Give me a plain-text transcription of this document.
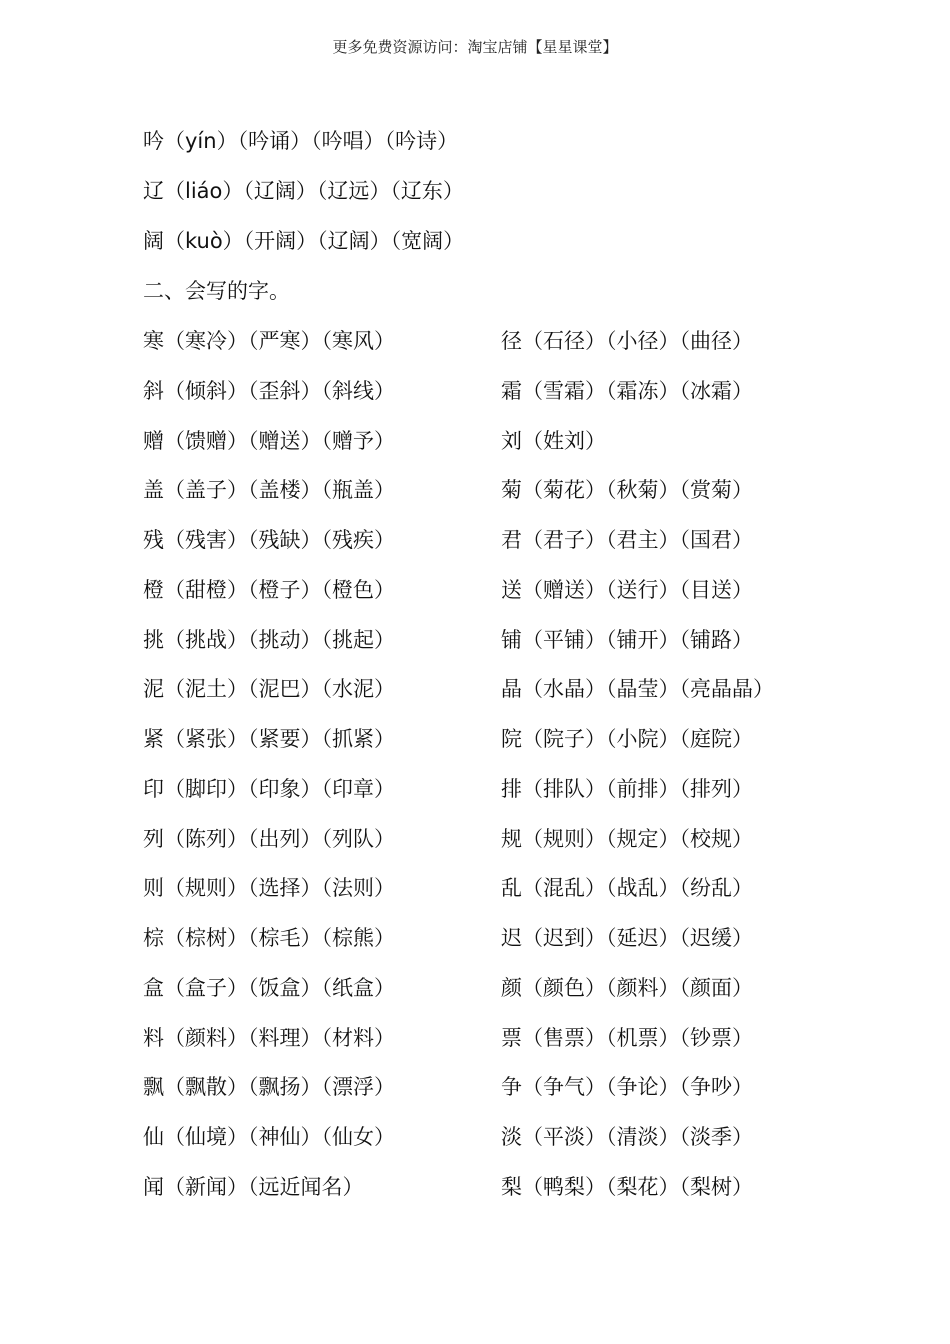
更多免费资源访问：淘宝店铺【星星课堂】
吟（yín）（吟诵）（吟唱）（吟诗）
辽（liáo）（辽阔）（辽远）（辽东）
阔（kuò）（开阔）（辽阔）（宽阔）
二、会写的字。
寒（寒冷）（严寒）（寒风）	径（石径）（小径）（曲径）
斜（倾斜）（歪斜）（斜线）	霜（雪霜）（霜冻）（冰霜）
赠（馈赠）（赠送）（赠予）	刘（姓刘）
盖（盖子）（盖楼）（瓶盖）	菊（菊花）（秋菊）（赏菊）
残（残害）（残缺）（残疾）	君（君子）（君主）（国君）
橙（甜橙）（橙子）（橙色）	送（赠送）（送行）（目送）
挑（挑战）（挑动）（挑起）	铺（平铺）（铺开）（铺路）
泥（泥土）（泥巴）（水泥）	晶（水晶）（晶莹）（亮晶晶）
紧（紧张）（紧要）（抓紧）	院（院子）（小院）（庭院）
印（脚印）（印象）（印章）	排（排队）（前排）（排列）
列（陈列）（出列）（列队）	规（规则）（规定）（校规）
则（规则）（选择）（法则）	乱（混乱）（战乱）（纷乱）
棕（棕树）（棕毛）（棕熊）	迟（迟到）（延迟）（迟缓）
盒（盒子）（饭盒）（纸盒）	颜（颜色）（颜料）（颜面）
料（颜料）（料理）（材料）	票（售票）（机票）（钞票）
飘（飘散）（飘扬）（漂浮）	争（争气）（争论）（争吵）
仙（仙境）（神仙）（仙女）	淡（平淡）（清淡）（淡季）
闻（新闻）（远近闻名）	梨（鸭梨）（梨花）（梨树）
